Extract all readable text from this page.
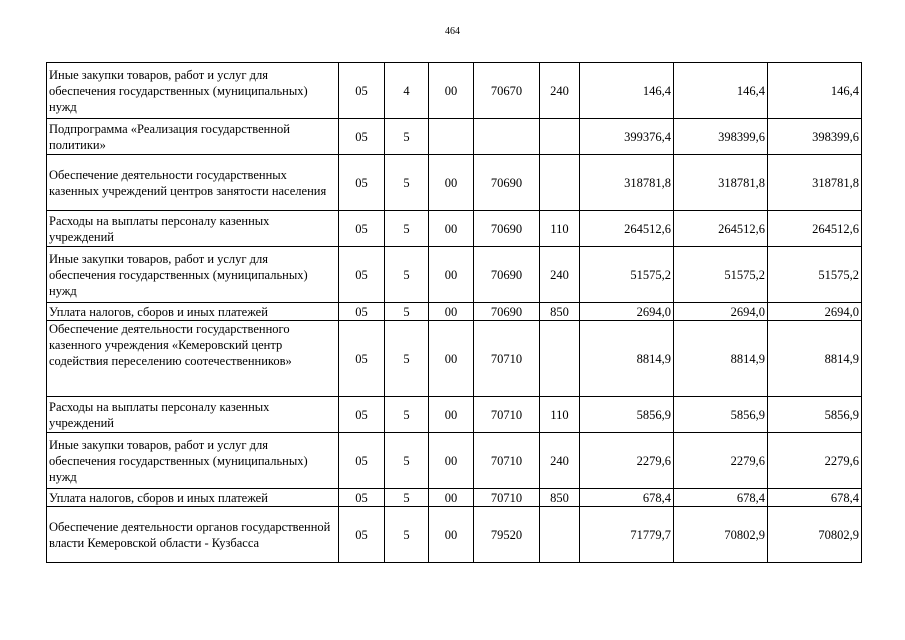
464
Иные закупки товаров, работ и услуг для обеспечения государственных (муниципальных) нужд	05	4	00	70670	240	146,4	146,4	146,4
Подпрограмма «Реализация государственной политики»	05	5				399376,4	398399,6	398399,6
Обеспечение деятельности государственных казенных учреждений центров занятости населения	05	5	00	70690		318781,8	318781,8	318781,8
Расходы на выплаты персоналу казенных учреждений	05	5	00	70690	110	264512,6	264512,6	264512,6
Иные закупки товаров, работ и услуг для обеспечения государственных (муниципальных) нужд	05	5	00	70690	240	51575,2	51575,2	51575,2
Уплата налогов, сборов и иных платежей	05	5	00	70690	850	2694,0	2694,0	2694,0
Обеспечение деятельности государственного казенного учреждения «Кемеровский центр содействия переселению соотечественников»	05	5	00	70710		8814,9	8814,9	8814,9
Расходы на выплаты персоналу казенных учреждений	05	5	00	70710	110	5856,9	5856,9	5856,9
Иные закупки товаров, работ и услуг для обеспечения государственных (муниципальных) нужд	05	5	00	70710	240	2279,6	2279,6	2279,6
Уплата налогов, сборов и иных платежей	05	5	00	70710	850	678,4	678,4	678,4
Обеспечение деятельности органов государственной власти Кемеровской области - Кузбасса	05	5	00	79520		71779,7	70802,9	70802,9
